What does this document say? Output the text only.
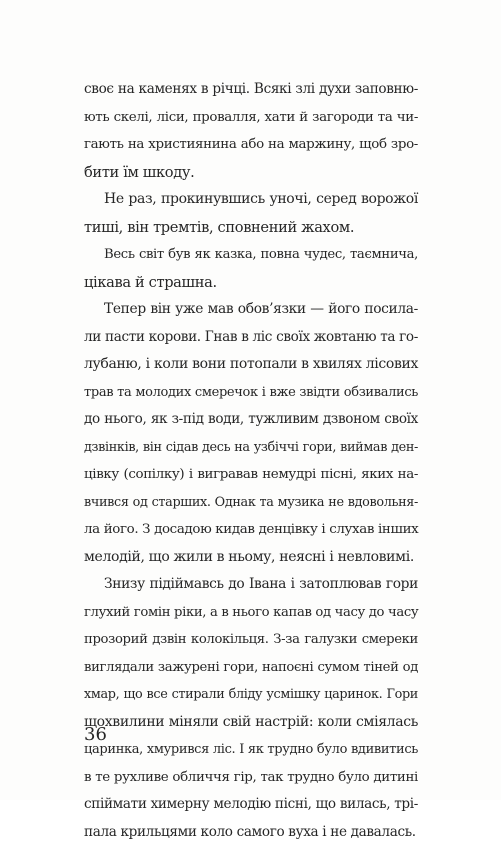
своє на каменях в річці. Всякі злі духи заповню-
ють скелі, ліси, провалля, хати й загороди та чи-
гають на християнина або на маржину, щоб зро-
бити їм шкоду.
Не раз, прокинувшись уночі, серед ворожої
тиші, він тремтів, сповнений жахом.
Весь світ був як казка, повна чудес, таємнича,
цікава й страшна.
Тепер він уже мав обов’язки — його посила-
ли пасти корови. Гнав в ліс своїх жовтаню та го-
лубаню, і коли вони потопали в хвилях лісових
трав та молодих смеречок і вже звідти обзивались
до нього, як з-під води, тужливим дзвоном своїх
дзвінків, він сідав десь на узбіччі гори, виймав ден-
цівку (сопілку) і вигравав немудрі пісні, яких на-
вчився од старших. Однак та музика не вдовольня-
ла його. З досадою кидав денцівку і слухав інших
мелодій, що жили в ньому, неясні і невловимі.
Знизу підіймавсь до Івана і затоплював гори
глухий гомін ріки, а в нього капав од часу до часу
прозорий дзвін колокільця. З-за галузки смереки
виглядали зажурені гори, напоєні сумом тіней од
хмар, що все стирали бліду усмішку царинок. Гори
щохвилини міняли свій настрій: коли сміялась
царинка, хмурився ліс. І як трудно було вдивитись
в те рухливе обличчя гір, так трудно було дитині
спіймати химерну мелодію пісні, що вилась, трі-
пала крильцями коло самого вуха і не давалась.
36
